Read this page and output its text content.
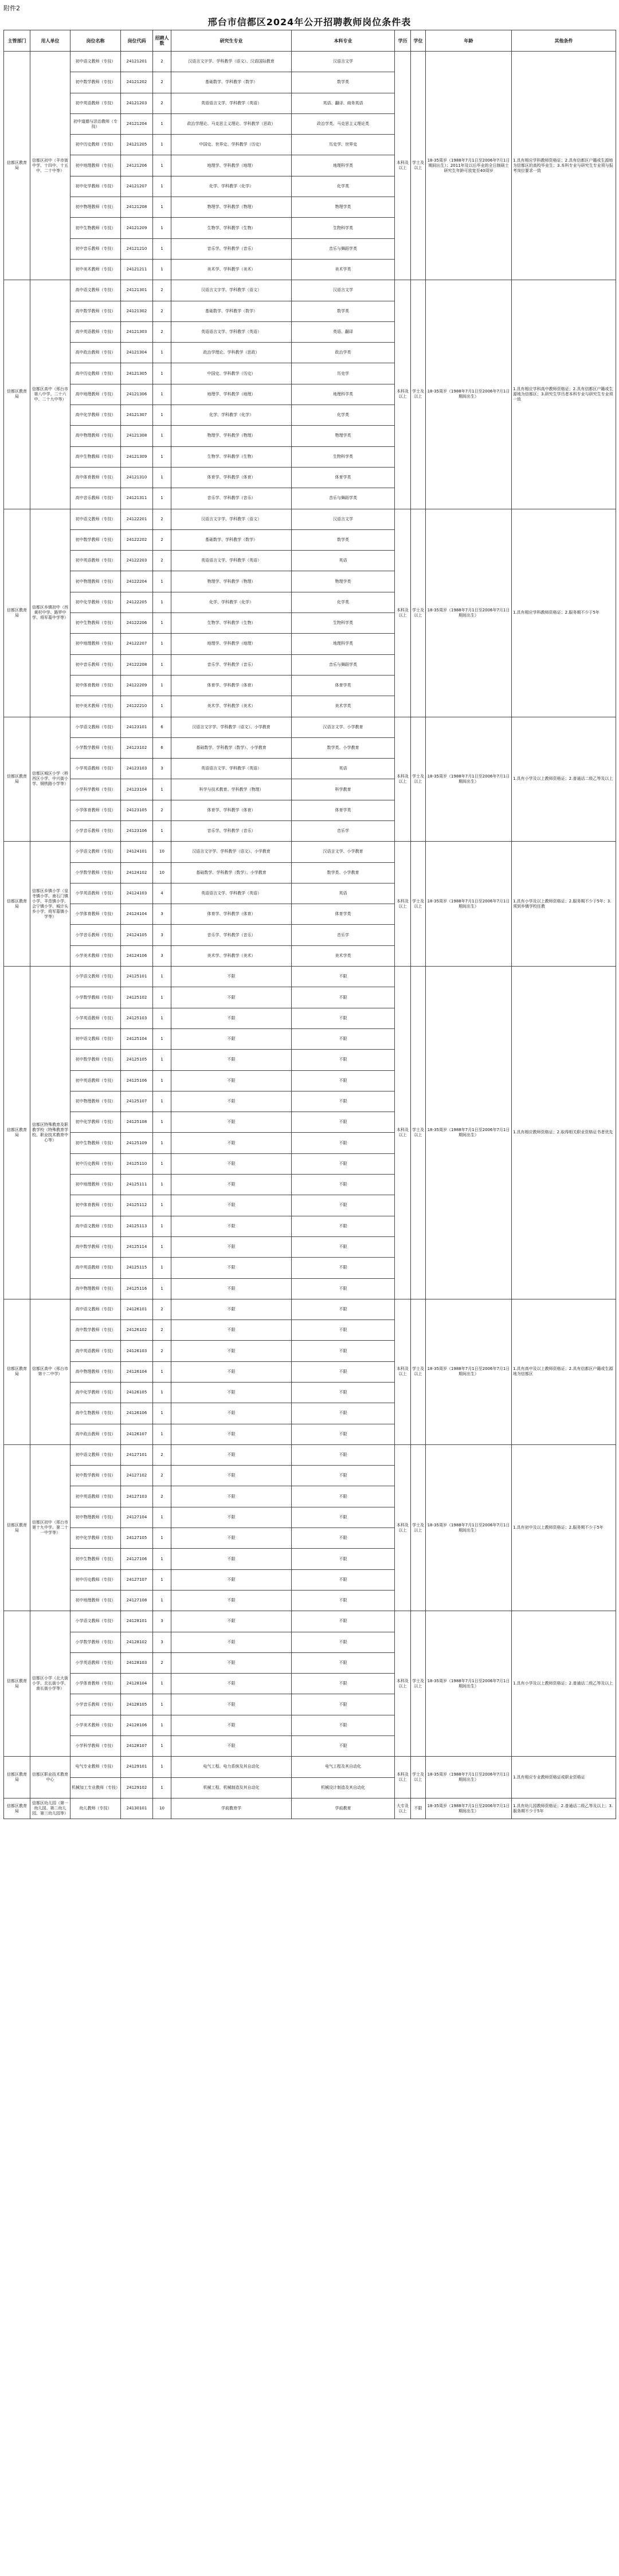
附件2
邢台市信都区2024年公开招聘教师岗位条件表
主管部门	用人单位	岗位名称	岗位代码	招聘人数	研究生专业	本科专业	学历	学位	年龄	其他条件
信都区教育局	信都区初中（羊市街中学、十四中、十五中、二十中等）	初中语文教师（专技）	24121201	2	汉语言文字学、学科教学（语文）、汉语国际教育	汉语言文学	本科及以上	学士及以上	18-35周岁（1988年7月1日至2006年7月1日期间出生）；2011年及以后毕业的全日制硕士研究生年龄可放宽至40周岁	1.具有相应学科教师资格证；2.具有信都区户籍或生源地为信都区的高校毕业生；3.本科专业与研究生专业须与报考岗位要求一致
		初中数学教师（专技）	24121202	2	基础数学、学科教学（数学）	数学类				
		初中英语教师（专技）	24121203	2	英语语言文学、学科教学（英语）	英语、翻译、商务英语				
		初中道德与法治教师（专技）	24121204	1	政治学理论、马克思主义理论、学科教学（思政）	政治学类、马克思主义理论类				
		初中历史教师（专技）	24121205	1	中国史、世界史、学科教学（历史）	历史学、世界史				
		初中地理教师（专技）	24121206	1	地理学、学科教学（地理）	地理科学类				
		初中化学教师（专技）	24121207	1	化学、学科教学（化学）	化学类				
		初中物理教师（专技）	24121208	1	物理学、学科教学（物理）	物理学类				
		初中生物教师（专技）	24121209	1	生物学、学科教学（生物）	生物科学类				
		初中音乐教师（专技）	24121210	1	音乐学、学科教学（音乐）	音乐与舞蹈学类				
		初中美术教师（专技）	24121211	1	美术学、学科教学（美术）	美术学类				
信都区教育局	信都区高中（邢台市第八中学、二十六中、二十九中等）	高中语文教师（专技）	24121301	2	汉语言文字学、学科教学（语文）	汉语言文学	本科及以上	学士及以上	18-35周岁（1988年7月1日至2006年7月1日期间出生）	1.具有相应学科高中教师资格证；2.具有信都区户籍或生源地为信都区；3.研究生学历者本科专业与研究生专业须一致
		高中数学教师（专技）	24121302	2	基础数学、学科教学（数学）	数学类				
		高中英语教师（专技）	24121303	2	英语语言文学、学科教学（英语）	英语、翻译				
		高中政治教师（专技）	24121304	1	政治学理论、学科教学（思政）	政治学类				
		高中历史教师（专技）	24121305	1	中国史、学科教学（历史）	历史学				
		高中地理教师（专技）	24121306	1	地理学、学科教学（地理）	地理科学类				
		高中化学教师（专技）	24121307	1	化学、学科教学（化学）	化学类				
		高中物理教师（专技）	24121308	1	物理学、学科教学（物理）	物理学类				
		高中生物教师（专技）	24121309	1	生物学、学科教学（生物）	生物科学类				
		高中体育教师（专技）	24121310	1	体育学、学科教学（体育）	体育学类				
		高中音乐教师（专技）	24121311	1	音乐学、学科教学（音乐）	音乐与舞蹈学类				
信都区教育局	信都区乡镇初中（西黄村中学、路罗中学、将军墓中学等）	初中语文教师（专技）	24122201	2	汉语言文字学、学科教学（语文）	汉语言文学	本科及以上	学士及以上	18-35周岁（1988年7月1日至2006年7月1日期间出生）	1.具有相应学科教师资格证；2.服务期不少于5年
		初中数学教师（专技）	24122202	2	基础数学、学科教学（数学）	数学类				
		初中英语教师（专技）	24122203	2	英语语言文学、学科教学（英语）	英语				
		初中物理教师（专技）	24122204	1	物理学、学科教学（物理）	物理学类				
		初中化学教师（专技）	24122205	1	化学、学科教学（化学）	化学类				
		初中生物教师（专技）	24122206	1	生物学、学科教学（生物）	生物科学类				
		初中地理教师（专技）	24122207	1	地理学、学科教学（地理）	地理科学类				
		初中音乐教师（专技）	24122208	1	音乐学、学科教学（音乐）	音乐与舞蹈学类				
		初中体育教师（专技）	24122209	1	体育学、学科教学（体育）	体育学类				
		初中美术教师（专技）	24122210	1	美术学、学科教学（美术）	美术学类				
信都区教育局	信都区城区小学（桥西区小学、中兴街小学、钢铁路小学等）	小学语文教师（专技）	24123101	6	汉语言文字学、学科教学（语文）、小学教育	汉语言文学、小学教育	本科及以上	学士及以上	18-35周岁（1988年7月1日至2006年7月1日期间出生）	1.具有小学及以上教师资格证；2.普通话二级乙等及以上
		小学数学教师（专技）	24123102	6	基础数学、学科教学（数学）、小学教育	数学类、小学教育				
		小学英语教师（专技）	24123103	3	英语语言文学、学科教学（英语）	英语				
		小学科学教师（专技）	24123104	1	科学与技术教育、学科教学（物理）	科学教育				
		小学体育教师（专技）	24123105	2	体育学、学科教学（体育）	体育学类				
		小学音乐教师（专技）	24123106	1	音乐学、学科教学（音乐）	音乐学				
信都区教育局	信都区乡镇小学（皇寺镇小学、南石门镇小学、羊范镇小学、会宁镇小学、城计头乡小学、将军墓镇小学等）	小学语文教师（专技）	24124101	10	汉语言文字学、学科教学（语文）、小学教育	汉语言文学、小学教育	本科及以上	学士及以上	18-35周岁（1988年7月1日至2006年7月1日期间出生）	1.具有小学及以上教师资格证；2.服务期不少于5年；3.须到乡镇学校任教
		小学数学教师（专技）	24124102	10	基础数学、学科教学（数学）、小学教育	数学类、小学教育				
		小学英语教师（专技）	24124103	4	英语语言文学、学科教学（英语）	英语				
		小学体育教师（专技）	24124104	3	体育学、学科教学（体育）	体育学类				
		小学音乐教师（专技）	24124105	3	音乐学、学科教学（音乐）	音乐学				
		小学美术教师（专技）	24124106	3	美术学、学科教学（美术）	美术学类				
信都区教育局	信都区特殊教育及职教学校（特殊教育学校、职业技术教育中心等）	小学语文教师（专技）	24125101	1	不限	不限	本科及以上	学士及以上	18-35周岁（1988年7月1日至2006年7月1日期间出生）	1.具有相应教师资格证；2.取得相关职业资格证书者优先
		小学数学教师（专技）	24125102	1	不限	不限				
		小学英语教师（专技）	24125103	1	不限	不限				
		初中语文教师（专技）	24125104	1	不限	不限				
		初中数学教师（专技）	24125105	1	不限	不限				
		初中英语教师（专技）	24125106	1	不限	不限				
		初中物理教师（专技）	24125107	1	不限	不限				
		初中化学教师（专技）	24125108	1	不限	不限				
		初中生物教师（专技）	24125109	1	不限	不限				
		初中历史教师（专技）	24125110	1	不限	不限				
		初中地理教师（专技）	24125111	1	不限	不限				
		初中体育教师（专技）	24125112	1	不限	不限				
		高中语文教师（专技）	24125113	1	不限	不限				
		高中数学教师（专技）	24125114	1	不限	不限				
		高中英语教师（专技）	24125115	1	不限	不限				
		高中物理教师（专技）	24125116	1	不限	不限				
信都区教育局	信都区高中（邢台市第十二中学）	高中语文教师（专技）	24126101	2	不限	不限	本科及以上	学士及以上	18-35周岁（1988年7月1日至2006年7月1日期间出生）	1.具有高中及以上教师资格证；2.具有信都区户籍或生源地为信都区
		高中数学教师（专技）	24126102	2	不限	不限				
		高中英语教师（专技）	24126103	2	不限	不限				
		高中物理教师（专技）	24126104	1	不限	不限				
		高中化学教师（专技）	24126105	1	不限	不限				
		高中生物教师（专技）	24126106	1	不限	不限				
		高中政治教师（专技）	24126107	1	不限	不限				
信都区教育局	信都区初中（邢台市第十九中学、第二十一中学等）	初中语文教师（专技）	24127101	2	不限	不限	本科及以上	学士及以上	18-35周岁（1988年7月1日至2006年7月1日期间出生）	1.具有初中及以上教师资格证；2.服务期不少于5年
		初中数学教师（专技）	24127102	2	不限	不限				
		初中英语教师（专技）	24127103	2	不限	不限				
		初中物理教师（专技）	24127104	1	不限	不限				
		初中化学教师（专技）	24127105	1	不限	不限				
		初中生物教师（专技）	24127106	1	不限	不限				
		初中历史教师（专技）	24127107	1	不限	不限				
		初中地理教师（专技）	24127108	1	不限	不限				
信都区教育局	信都区小学（北大街小学、北长街小学、南长街小学等）	小学语文教师（专技）	24128101	3	不限	不限	本科及以上	学士及以上	18-35周岁（1988年7月1日至2006年7月1日期间出生）	1.具有小学及以上教师资格证；2.普通话二级乙等及以上
		小学数学教师（专技）	24128102	3	不限	不限				
		小学英语教师（专技）	24128103	2	不限	不限				
		小学体育教师（专技）	24128104	1	不限	不限				
		小学音乐教师（专技）	24128105	1	不限	不限				
		小学美术教师（专技）	24128106	1	不限	不限				
		小学科学教师（专技）	24128107	1	不限	不限				
信都区教育局	信都区职业技术教育中心	电气专业教师（专技）	24129101	1	电气工程、电力系统及其自动化	电气工程及其自动化	本科及以上	学士及以上	18-35周岁（1988年7月1日至2006年7月1日期间出生）	1.具有相应专业教师资格证或职业资格证
		机械加工专业教师（专技）	24129102	1	机械工程、机械制造及其自动化	机械设计制造及其自动化				
信都区教育局	信都区幼儿园（第一幼儿园、第二幼儿园、第三幼儿园等）	幼儿教师（专技）	24130101	10	学前教育学	学前教育	大专及以上	不限	18-35周岁（1988年7月1日至2006年7月1日期间出生）	1.具有幼儿园教师资格证；2.普通话二级乙等及以上；3.服务期不少于5年
